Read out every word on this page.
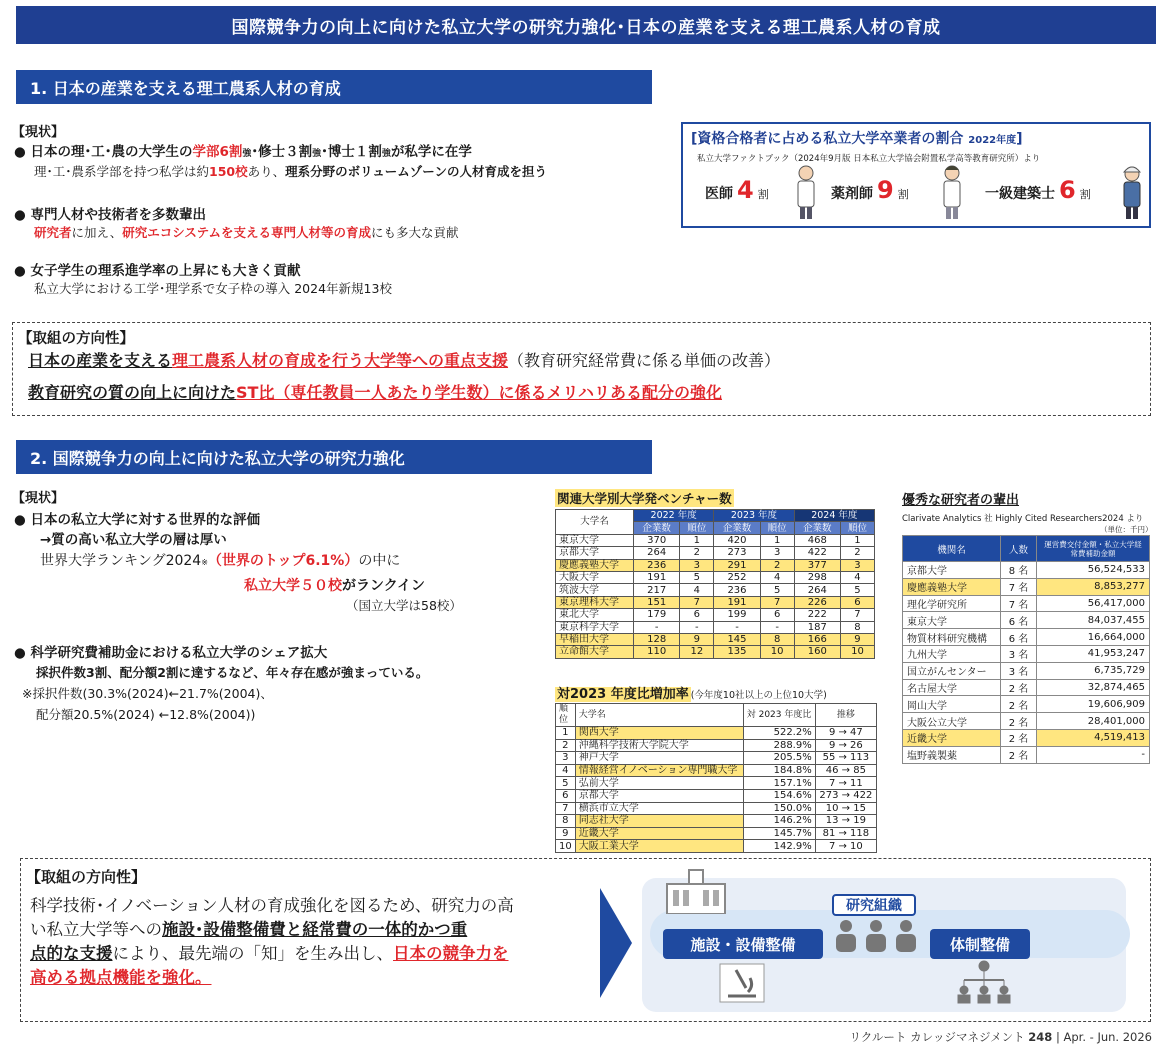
国際競争力の向上に向けた私立大学の研究力強化･日本の産業を支える理工農系人材の育成
1. 日本の産業を支える理工農系人材の育成
【現状】
● 日本の理･工･農の大学生の学部6割強･修士３割強･博士１割強が私学に在学
理･工･農系学部を持つ私学は約150校あり、理系分野のボリュームゾーンの人材育成を担う
● 専門人材や技術者を多数輩出
研究者に加え、研究エコシステムを支える専門人材等の育成にも多大な貢献
● 女子学生の理系進学率の上昇にも大きく貢献
私立大学における工学･理学系で女子枠の導入 2024年新規13校
[資格合格者に占める私立大学卒業者の割合 2022年度]
私立大学ファクトブック（2024年9月版 日本私立大学協会附置私学高等教育研究所）より
医師 4 割	薬剤師 9 割	一級建築士 6 割
【取組の方向性】
日本の産業を支える理工農系人材の育成を行う大学等への重点支援（教育研究経常費に係る単価の改善）
教育研究の質の向上に向けたST比（専任教員一人あたり学生数）に係るメリハリある配分の強化
2. 国際競争力の向上に向けた私立大学の研究力強化
【現状】
● 日本の私立大学に対する世界的な評価
→質の高い私立大学の層は厚い
世界大学ランキング2024※（世界のトップ6.1%）の中に
私立大学５０校がランクイン
（国立大学は58校）
● 科学研究費補助金における私立大学のシェア拡大
採択件数3割、配分額2割に達するなど、年々存在感が強まっている。
※採択件数(30.3%(2024)←21.7%(2004)、
配分額20.5%(2024) ←12.8%(2004))
関連大学別大学発ベンチャー数
大学名	2022 年度		2023 年度		2024 年度	
	企業数	順位	企業数	順位	企業数	順位
東京大学	370	1	420	1	468	1
京都大学	264	2	273	3	422	2
慶應義塾大学	236	3	291	2	377	3
大阪大学	191	5	252	4	298	4
筑波大学	217	4	236	5	264	5
東京理科大学	151	7	191	7	226	6
東北大学	179	6	199	6	222	7
東京科学大学	-	-	-	-	187	8
早稲田大学	128	9	145	8	166	9
立命館大学	110	12	135	10	160	10
対2023 年度比増加率 (今年度10社以上の上位10大学)
順位	大学名	対 2023 年度比	推移
1	関西大学	522.2%	9 → 47
2	沖縄科学技術大学院大学	288.9%	9 → 26
3	神戸大学	205.5%	55 → 113
4	情報経営イノベーション専門職大学	184.8%	46 → 85
5	弘前大学	157.1%	7 → 11
6	京都大学	154.6%	273 → 422
7	横浜市立大学	150.0%	10 → 15
8	同志社大学	146.2%	13 → 19
9	近畿大学	145.7%	81 → 118
10	大阪工業大学	142.9%	7 → 10
優秀な研究者の輩出
Clarivate Analytics 社 Highly Cited Researchers2024 より
（単位：千円）
機関名	人数	運営費交付金額・私立大学経常費補助金額
京都大学	8 名	56,524,533
慶應義塾大学	7 名	8,853,277
理化学研究所	7 名	56,417,000
東京大学	6 名	84,037,455
物質材料研究機構	6 名	16,664,000
九州大学	3 名	41,953,247
国立がんセンター	3 名	6,735,729
名古屋大学	2 名	32,874,465
岡山大学	2 名	19,606,909
大阪公立大学	2 名	28,401,000
近畿大学	2 名	4,519,413
塩野義製薬	2 名	-
【取組の方向性】
科学技術･イノベーション人材の育成強化を図るため、研究力の高
い私立大学等への施設･設備整備費と経常費の一体的かつ重
点的な支援により、最先端の「知」を生み出し、日本の競争力を
高める拠点機能を強化。
研究組織
施設・設備整備	体制整備
リクルート カレッジマネジメント 248 | Apr. - Jun. 2026
